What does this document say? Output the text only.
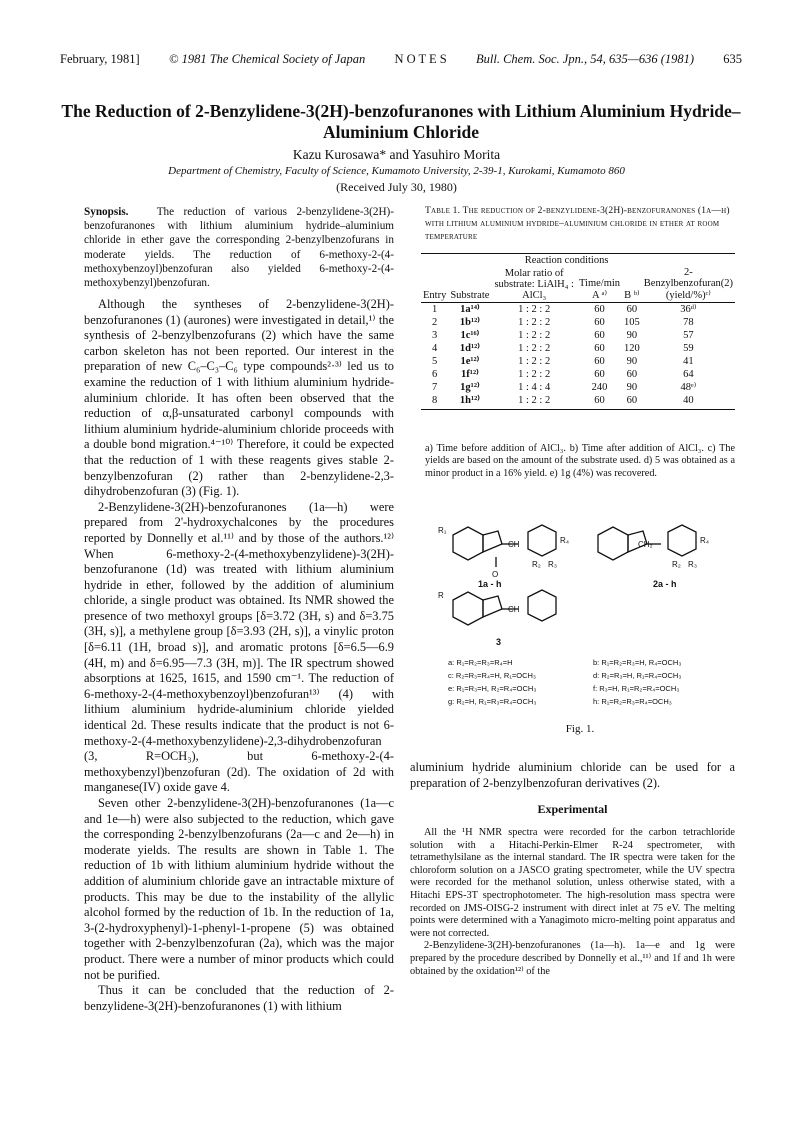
February, 1981] © 1981 The Chemical Society of Japan N O T E S Bull. Chem. Soc. Jpn., 54, 635—636 (1981) 635
The Reduction of 2-Benzylidene-3(2H)-benzofuranones with Lithium Aluminium Hydride–Aluminium Chloride
Kazu Kurosawa* and Yasuhiro Morita
Department of Chemistry, Faculty of Science, Kumamoto University, 2-39-1, Kurokami, Kumamoto 860
(Received July 30, 1980)
Synopsis.	The reduction of various 2-benzylidene-3(2H)-benzofuranones with lithium aluminium hydride–aluminium chloride in ether gave the corresponding 2-benzylbenzofurans in moderate yields. The reduction of 6-methoxy-2-(4-methoxybenzoyl)benzofuran also yielded 6-methoxy-2-(4-methoxybenzyl)benzofuran.

Although the syntheses of 2-benzylidene-3(2H)-benzofuranones (1) (aurones) were investigated in detail,¹⁾ the synthesis of 2-benzylbenzofurans (2) which have the same carbon skeleton has not been reported. Our interest in the preparation of new C₆–C₃–C₆ type compounds²·³⁾ led us to examine the reduction of 1 with lithium aluminium hydride-aluminium chloride. It has often been observed that the reduction of α,β-unsaturated carbonyl compounds with lithium aluminium hydride-aluminium chloride proceeds with a double bond migration.⁴⁻¹⁰⁾ Therefore, it could be expected that the reduction of 1 with these reagents gives stable 2-benzylbenzofuran (2) rather than 2-benzylidene-2,3-dihydrobenzofuran (3) (Fig. 1).

2-Benzylidene-3(2H)-benzofuranones (1a—h) were prepared from 2'-hydroxychalcones by the procedures reported by Donnelly et al.¹¹⁾ and by those of the authors.¹²⁾ When 6-methoxy-2-(4-methoxybenzylidene)-3(2H)-benzofuranone (1d) was treated with lithium aluminium hydride in ether, followed by the addition of aluminium chloride, a single product was obtained. Its NMR showed the presence of two methoxyl groups [δ=3.72 (3H, s) and δ=3.75 (3H, s)], a methylene group [δ=3.93 (2H, s)], a vinylic proton [δ=6.11 (1H, broad s)], and aromatic protons [δ=6.5—6.9 (4H, m) and δ=6.95—7.3 (3H, m)]. The IR spectrum showed absorptions at 1625, 1615, and 1590 cm⁻¹. The reduction of 6-methoxy-2-(4-methoxybenzoyl)benzofuran¹³⁾ (4) with lithium aluminium hydride-aluminium chloride yielded identical 2d. These results indicate that the product is not 6-methoxy-2-(4-methoxybenzylidene)-2,3-dihydrobenzofuran (3, R=OCH₃), but 6-methoxy-2-(4-methoxybenzyl)benzofuran (2d). The oxidation of 2d with manganese(IV) oxide gave 4.

Seven other 2-benzylidene-3(2H)-benzofuranones (1a—c and 1e—h) were also subjected to the reduction, which gave the corresponding 2-benzylbenzofurans (2a—c and 2e—h) in moderate yields. The results are shown in Table 1. The reduction of 1b with lithium aluminium hydride without the addition of aluminium chloride gave an intractable mixture of products. This may be due to the instability of the allylic alcohol formed by the reduction of 1b. In the reduction of 1a, 3-(2-hydroxyphenyl)-1-phenyl-1-propene (5) was obtained together with 2-benzylbenzofuran (2a), which was the major product. There were a number of minor products which could not be purified.

Thus it can be concluded that the reduction of 2-benzylidene-3(2H)-benzofuranones (1) with lithium

Table 1. The reduction of 2-benzylidene-3(2H)-benzofuranones (1a—h) with lithium aluminium hydride–aluminium chloride in ether at room temperature
Entry	Substrate	Reaction conditions			2-Benzylbenzofuran(2) (yield/%)ᶜ⁾
		Molar ratio of substrate: LiAlH₄ : AlCl₃	Time/min A ᵃ⁾	B ᵇ⁾	
1	1a¹⁴⁾	1 : 2 : 2	60	60	36ᵈ⁾
2	1b¹²⁾	1 : 2 : 2	60	105	78
3	1c¹⁶⁾	1 : 2 : 2	60	90	57
4	1d¹²⁾	1 : 2 : 2	60	120	59
5	1e¹²⁾	1 : 2 : 2	60	90	41
6	1f¹²⁾	1 : 2 : 2	60	60	64
7	1g¹²⁾	1 : 4 : 4	240	90	48ᵉ⁾
8	1h¹²⁾	1 : 2 : 2	60	60	40

a) Time before addition of AlCl₃. b) Time after addition of AlCl₃. c) The yields are based on the amount of the substrate used. d) 5 was obtained as a minor product in a 16% yield. e) 1g (4%) was recovered.
R₁
CH	R₄
R₂ R₃
O
CH₂	R₄
R₂ R₃
R
CH
1a - h	2a - h
3
a: R₁=R₂=R₃=R₄=H	b: R₁=R₂=R₃=H, R₄=OCH₃
c: R₂=R₃=R₄=H, R₁=OCH₃	d: R₂=R₃=H, R₁=R₄=OCH₃
e: R₁=R₃=H, R₂=R₄=OCH₃	f: R₃=H, R₁=R₂=R₄=OCH₃
g: R₂=H, R₁=R₃=R₄=OCH₃	h: R₁=R₂=R₃=R₄=OCH₃
Fig. 1.

aluminium hydride aluminium chloride can be used for a preparation of 2-benzylbenzofuran derivatives (2).

Experimental

All the ¹H NMR spectra were recorded for the carbon tetrachloride solution with a Hitachi-Perkin-Elmer R-24 spectrometer, with tetramethylsilane as the internal standard. The IR spectra were taken for the chloroform solution on a JASCO grating spectrometer, while the UV spectra were recorded for the methanol solution, unless otherwise stated, with a Hitachi EPS-3T spectrophotometer. The high-resolution mass spectra were recorded on JMS-OISG-2 instrument with direct inlet at 75 eV. The melting points were determined with a Yanagimoto micro-melting point apparatus and were not corrected.

2-Benzylidene-3(2H)-benzofuranones (1a—h). 1a—e and 1g were prepared by the procedure described by Donnelly et al.,¹¹⁾ and 1f and 1h were obtained by the oxidation¹²⁾ of the
